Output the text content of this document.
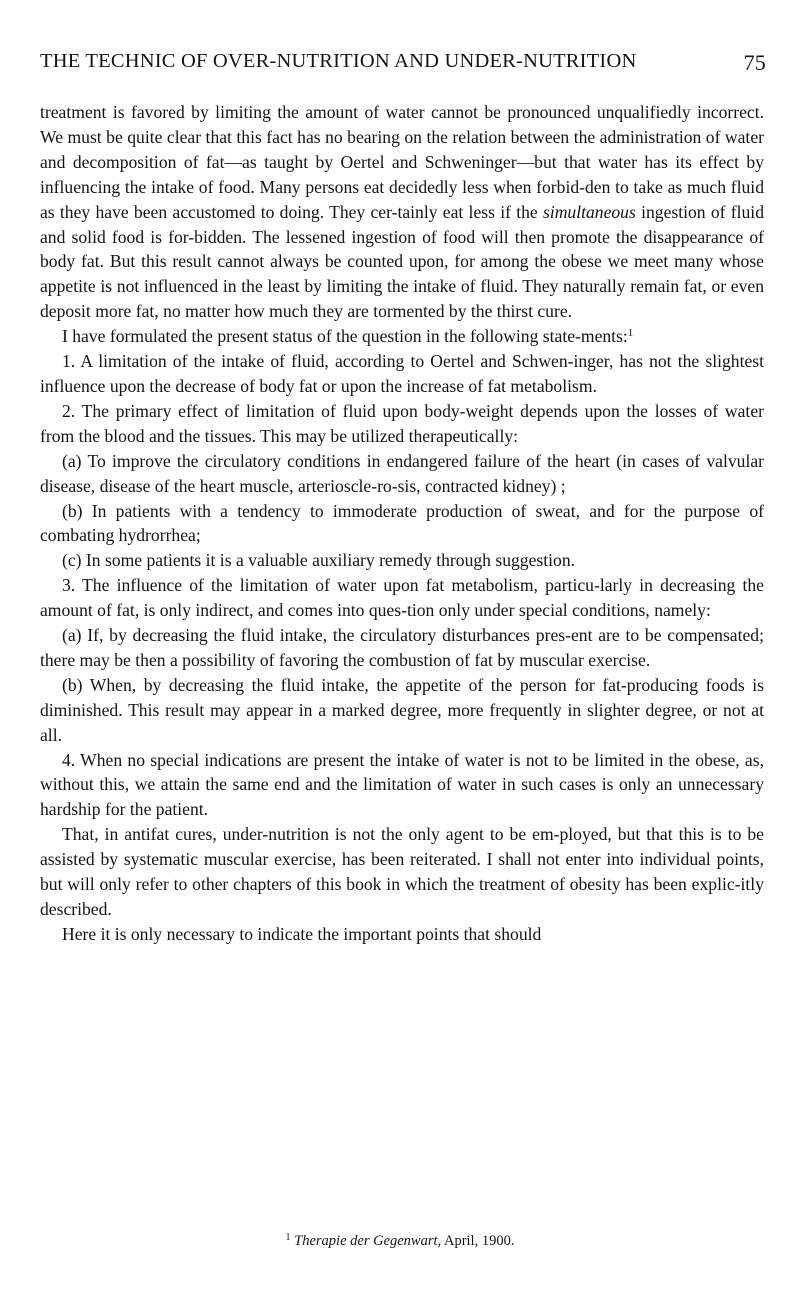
THE TECHNIC OF OVER-NUTRITION AND UNDER-NUTRITION	75

treatment is favored by limiting the amount of water cannot be pronounced unqualifiedly incorrect. We must be quite clear that this fact has no bearing on the relation between the administration of water and decomposition of fat—as taught by Oertel and Schweninger—but that water has its effect by influencing the intake of food. Many persons eat decidedly less when forbid-den to take as much fluid as they have been accustomed to doing. They cer-tainly eat less if the simultaneous ingestion of fluid and solid food is for-bidden. The lessened ingestion of food will then promote the disappearance of body fat. But this result cannot always be counted upon, for among the obese we meet many whose appetite is not influenced in the least by limiting the intake of fluid. They naturally remain fat, or even deposit more fat, no matter how much they are tormented by the thirst cure.

I have formulated the present status of the question in the following state-ments:$^1$

1. A limitation of the intake of fluid, according to Oertel and Schwen-inger, has not the slightest influence upon the decrease of body fat or upon the increase of fat metabolism.

2. The primary effect of limitation of fluid upon body-weight depends upon the losses of water from the blood and the tissues. This may be utilized therapeutically:

(a) To improve the circulatory conditions in endangered failure of the heart (in cases of valvular disease, disease of the heart muscle, arterioscle-ro-sis, contracted kidney) ;

(b) In patients with a tendency to immoderate production of sweat, and for the purpose of combating hydrorrhea;

(c) In some patients it is a valuable auxiliary remedy through suggestion.

3. The influence of the limitation of water upon fat metabolism, particu-larly in decreasing the amount of fat, is only indirect, and comes into ques-tion only under special conditions, namely:

(a) If, by decreasing the fluid intake, the circulatory disturbances pres-ent are to be compensated; there may be then a possibility of favoring the combustion of fat by muscular exercise.

(b) When, by decreasing the fluid intake, the appetite of the person for fat-producing foods is diminished. This result may appear in a marked degree, more frequently in slighter degree, or not at all.

4. When no special indications are present the intake of water is not to be limited in the obese, as, without this, we attain the same end and the limitation of water in such cases is only an unnecessary hardship for the patient.

That, in antifat cures, under-nutrition is not the only agent to be em-ployed, but that this is to be assisted by systematic muscular exercise, has been reiterated. I shall not enter into individual points, but will only refer to other chapters of this book in which the treatment of obesity has been explic-itly described.

Here it is only necessary to indicate the important points that should

$^1$ Therapie der Gegenwart, April, 1900.
